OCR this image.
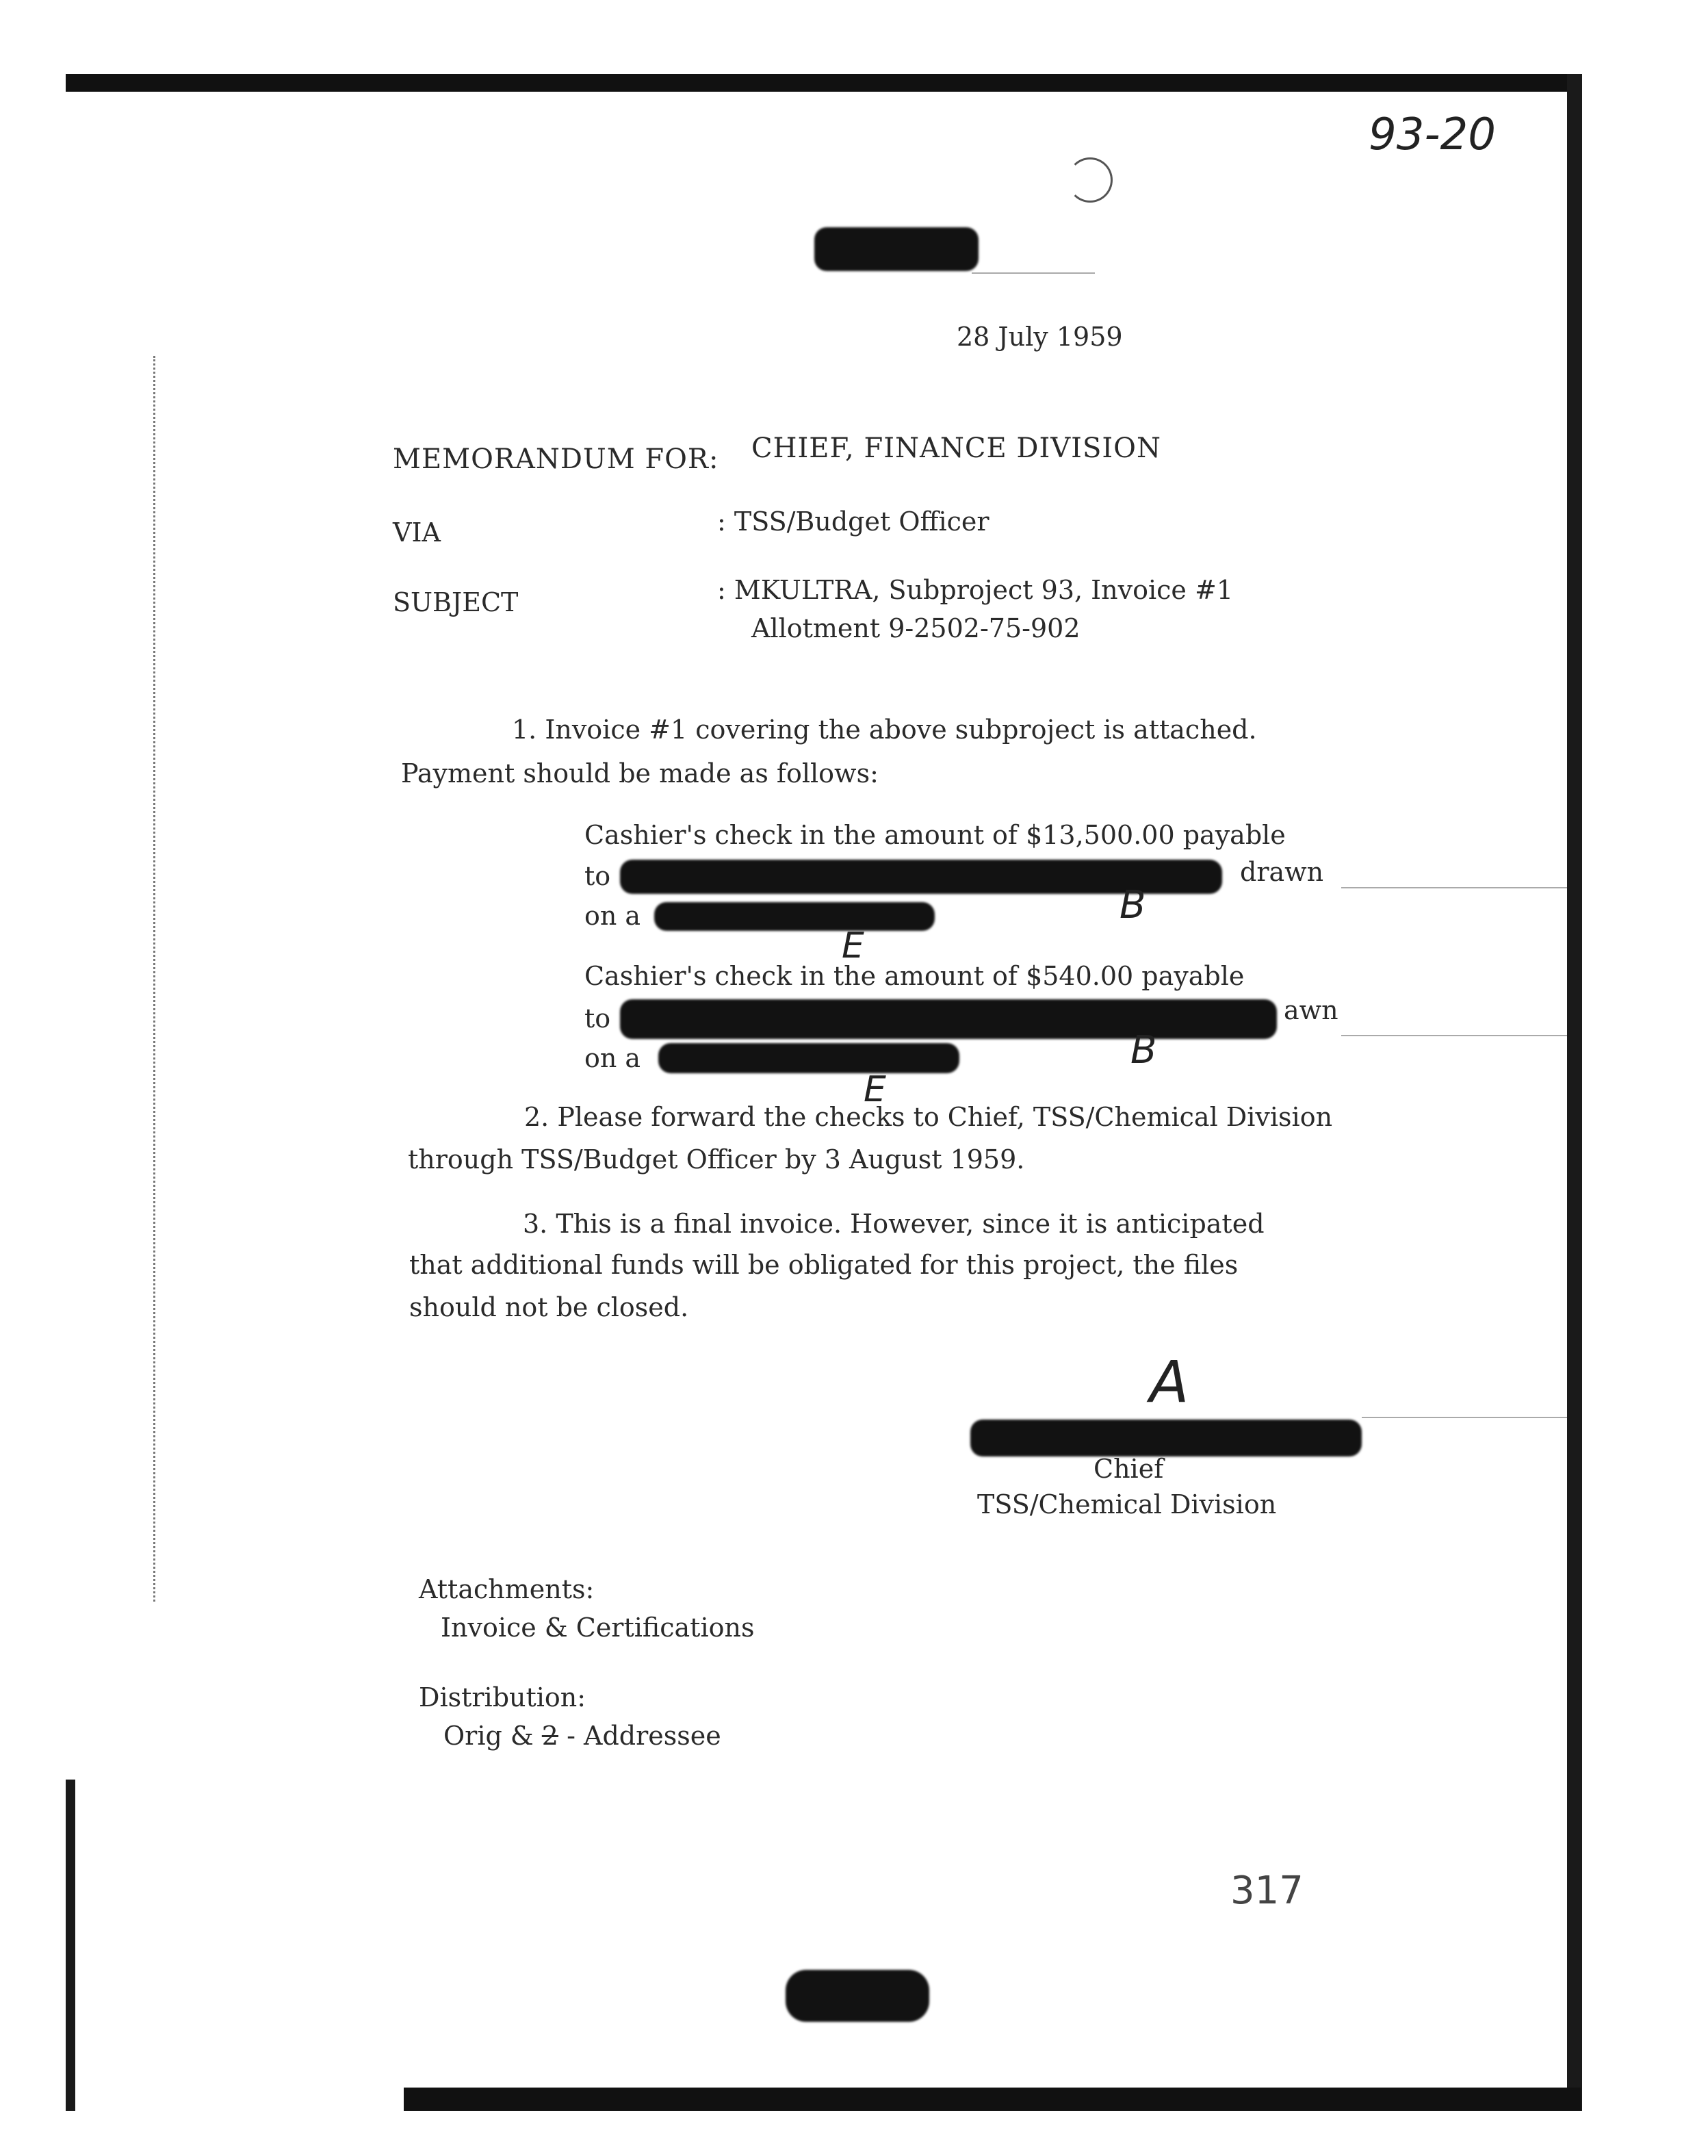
93-20
28 July 1959
MEMORANDUM FOR: CHIEF, FINANCE DIVISION
VIA	: TSS/Budget Officer
SUBJECT	: MKULTRA, Subproject 93, Invoice #1
Allotment 9-2502-75-902
1. Invoice #1 covering the above subproject is attached.
Payment should be made as follows:
Cashier's check in the amount of $13,500.00 payable
to	drawn
on a	B
E
Cashier's check in the amount of $540.00 payable
to	awn
on a	B
E
2. Please forward the checks to Chief, TSS/Chemical Division
through TSS/Budget Officer by 3 August 1959.
3. This is a final invoice. However, since it is anticipated
that additional funds will be obligated for this project, the files
should not be closed.
A
Chief
TSS/Chemical Division
Attachments:
Invoice & Certifications
Distribution:
Orig & 2 - Addressee
317
